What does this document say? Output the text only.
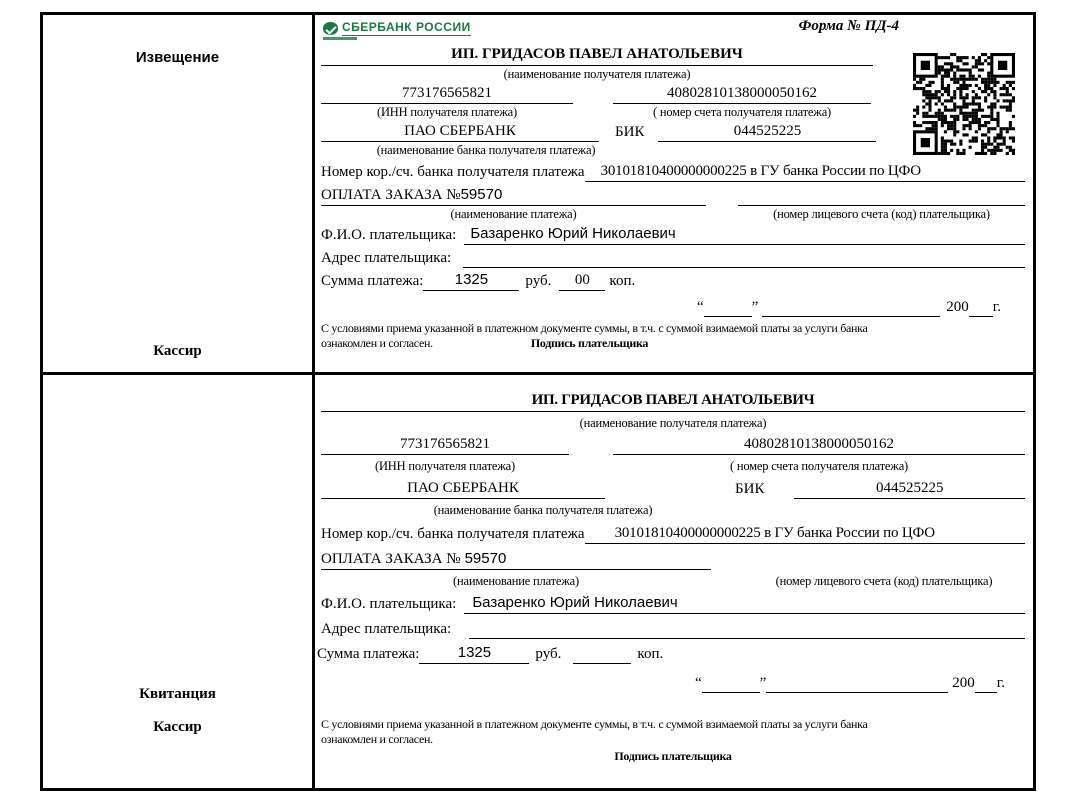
Извещение
Кассир
СБЕРБАНК РОССИИ	Форма № ПД-4
ИП. ГРИДАСОВ ПАВЕЛ АНАТОЛЬЕВИЧ
(наименование получателя платежа)
773176565821	40802810138000050162
(ИНН получателя платежа)	( номер счета получателя платежа)
ПАО СБЕРБАНК	БИК	044525225
(наименование банка получателя платежа)
Номер кор./сч. банка получателя платежа	30101810400000000225 в ГУ банка России по ЦФО
ОПЛАТА ЗАКАЗА №59570
(наименование платежа)	(номер лицевого счета (код) плательщика)
Ф.И.О. плательщика: Базаренко Юрий Николаевич
Адрес плательщика:
Сумма платежа:	1325	руб.	00	коп.
“	”	200 г.
С условиями приема указанной в платежном документе суммы, в т.ч. с суммой взимаемой платы за услуги банка
ознакомлен и согласен.	Подпись плательщика
Квитанция
Кассир
ИП. ГРИДАСОВ ПАВЕЛ АНАТОЛЬЕВИЧ
(наименование получателя платежа)
773176565821	40802810138000050162
(ИНН получателя платежа)	( номер счета получателя платежа)
ПАО СБЕРБАНК	БИК	044525225
(наименование банка получателя платежа)
Номер кор./сч. банка получателя платежа	30101810400000000225 в ГУ банка России по ЦФО
ОПЛАТА ЗАКАЗА № 59570
(наименование платежа)	(номер лицевого счета (код) плательщика)
Ф.И.О. плательщика:	Базаренко Юрий Николаевич
Адрес плательщика:
Сумма платежа:	1325	руб.	коп.
“	”	200 г.
С условиями приема указанной в платежном документе суммы, в т.ч. с суммой взимаемой платы за услуги банка
ознакомлен и согласен.
Подпись плательщика
